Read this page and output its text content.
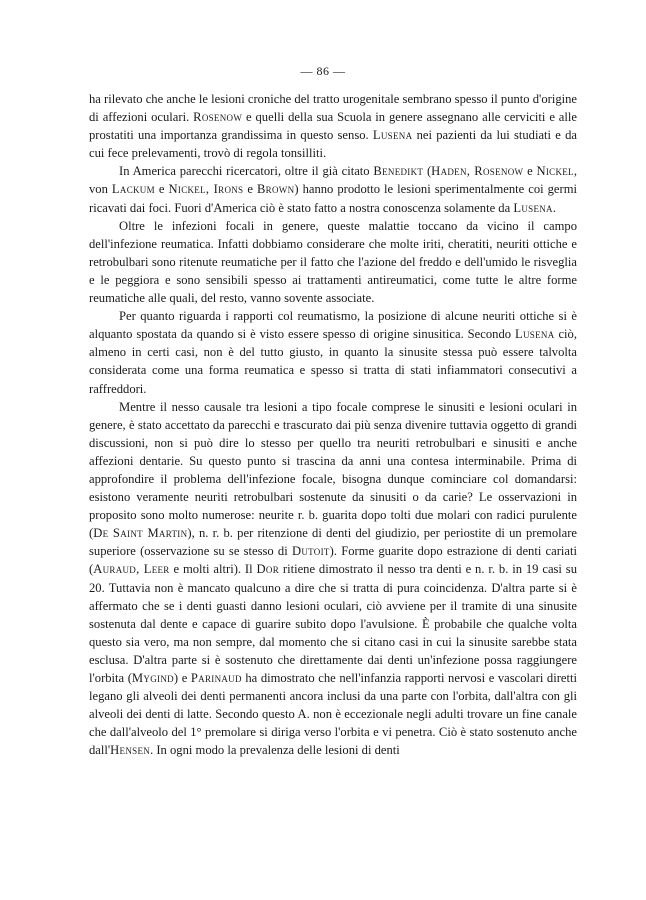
— 86 —

ha rilevato che anche le lesioni croniche del tratto urogenitale sembrano spesso il punto d'origine di affezioni oculari. Rosenow e quelli della sua Scuola in genere assegnano alle cerviciti e alle prostatiti una importanza grandissima in questo senso. Lusena nei pazienti da lui studiati e da cui fece prelevamenti, trovò di regola tonsilliti.

In America parecchi ricercatori, oltre il già citato Benedikt (Haden, Rosenow e Nickel, von Lackum e Nickel, Irons e Brown) hanno prodotto le lesioni sperimentalmente coi germi ricavati dai foci. Fuori d'America ciò è stato fatto a nostra conoscenza solamente da Lusena.

Oltre le infezioni focali in genere, queste malattie toccano da vicino il campo dell'infezione reumatica. Infatti dobbiamo considerare che molte iriti, cheratiti, neuriti ottiche e retrobulbari sono ritenute reumatiche per il fatto che l'azione del freddo e dell'umido le risveglia e le peggiora e sono sensibili spesso ai trattamenti antireumatici, come tutte le altre forme reumatiche alle quali, del resto, vanno sovente associate.

Per quanto riguarda i rapporti col reumatismo, la posizione di alcune neuriti ottiche si è alquanto spostata da quando si è visto essere spesso di origine sinusitica. Secondo Lusena ciò, almeno in certi casi, non è del tutto giusto, in quanto la sinusite stessa può essere talvolta considerata come una forma reumatica e spesso si tratta di stati infiammatori consecutivi a raffreddori.

Mentre il nesso causale tra lesioni a tipo focale comprese le sinusiti e lesioni oculari in genere, è stato accettato da parecchi e trascurato dai più senza divenire tuttavia oggetto di grandi discussioni, non si può dire lo stesso per quello tra neuriti retrobulbari e sinusiti e anche affezioni dentarie. Su questo punto si trascina da anni una contesa interminabile. Prima di approfondire il problema dell'infezione focale, bisogna dunque cominciare col domandarsi: esistono veramente neuriti retrobulbari sostenute da sinusiti o da carie? Le osservazioni in proposito sono molto numerose: neurite r. b. guarita dopo tolti due molari con radici purulente (De Saint Martin), n. r. b. per ritenzione di denti del giudizio, per periostite di un premolare superiore (osservazione su se stesso di Dutoit). Forme guarite dopo estrazione di denti cariati (Auraud, Leer e molti altri). Il Dor ritiene dimostrato il nesso tra denti e n. r. b. in 19 casi su 20. Tuttavia non è mancato qualcuno a dire che si tratta di pura coincidenza. D'altra parte si è affermato che se i denti guasti danno lesioni oculari, ciò avviene per il tramite di una sinusite sostenuta dal dente e capace di guarire subito dopo l'avulsione. È probabile che qualche volta questo sia vero, ma non sempre, dal momento che si citano casi in cui la sinusite sarebbe stata esclusa. D'altra parte si è sostenuto che direttamente dai denti un'infezione possa raggiungere l'orbita (Mygind) e Parinaud ha dimostrato che nell'infanzia rapporti nervosi e vascolari diretti legano gli alveoli dei denti permanenti ancora inclusi da una parte con l'orbita, dall'altra con gli alveoli dei denti di latte. Secondo questo A. non è eccezionale negli adulti trovare un fine canale che dall'alveolo del 1° premolare si diriga verso l'orbita e vi penetra. Ciò è stato sostenuto anche dall'Hensen. In ogni modo la prevalenza delle lesioni di denti
